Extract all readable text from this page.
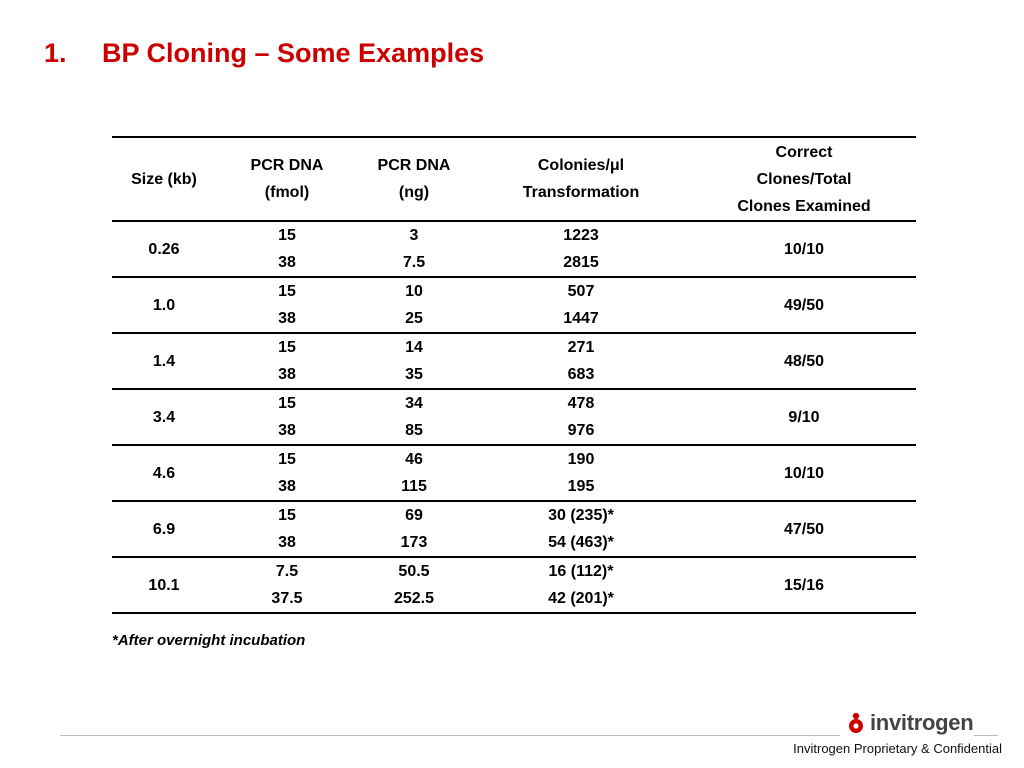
1. BP Cloning – Some Examples
Size (kb)
PCR DNA
(fmol)
PCR DNA
(ng)
Colonies/μl
Transformation
Correct
Clones/Total
Clones Examined
0.26
15
38
3
7.5
1223
2815
10/10
1.0
15
38
10
25
507
1447
49/50
1.4
15
38
14
35
271
683
48/50
3.4
15
38
34
85
478
976
9/10
4.6
15
38
46
115
190
195
10/10
6.9
15
38
69
173
30 (235)*
54 (463)*
47/50
10.1
7.5
37.5
50.5
252.5
16 (112)*
42 (201)*
15/16
*After overnight incubation
invitrogen
Invitrogen Proprietary & Confidential
